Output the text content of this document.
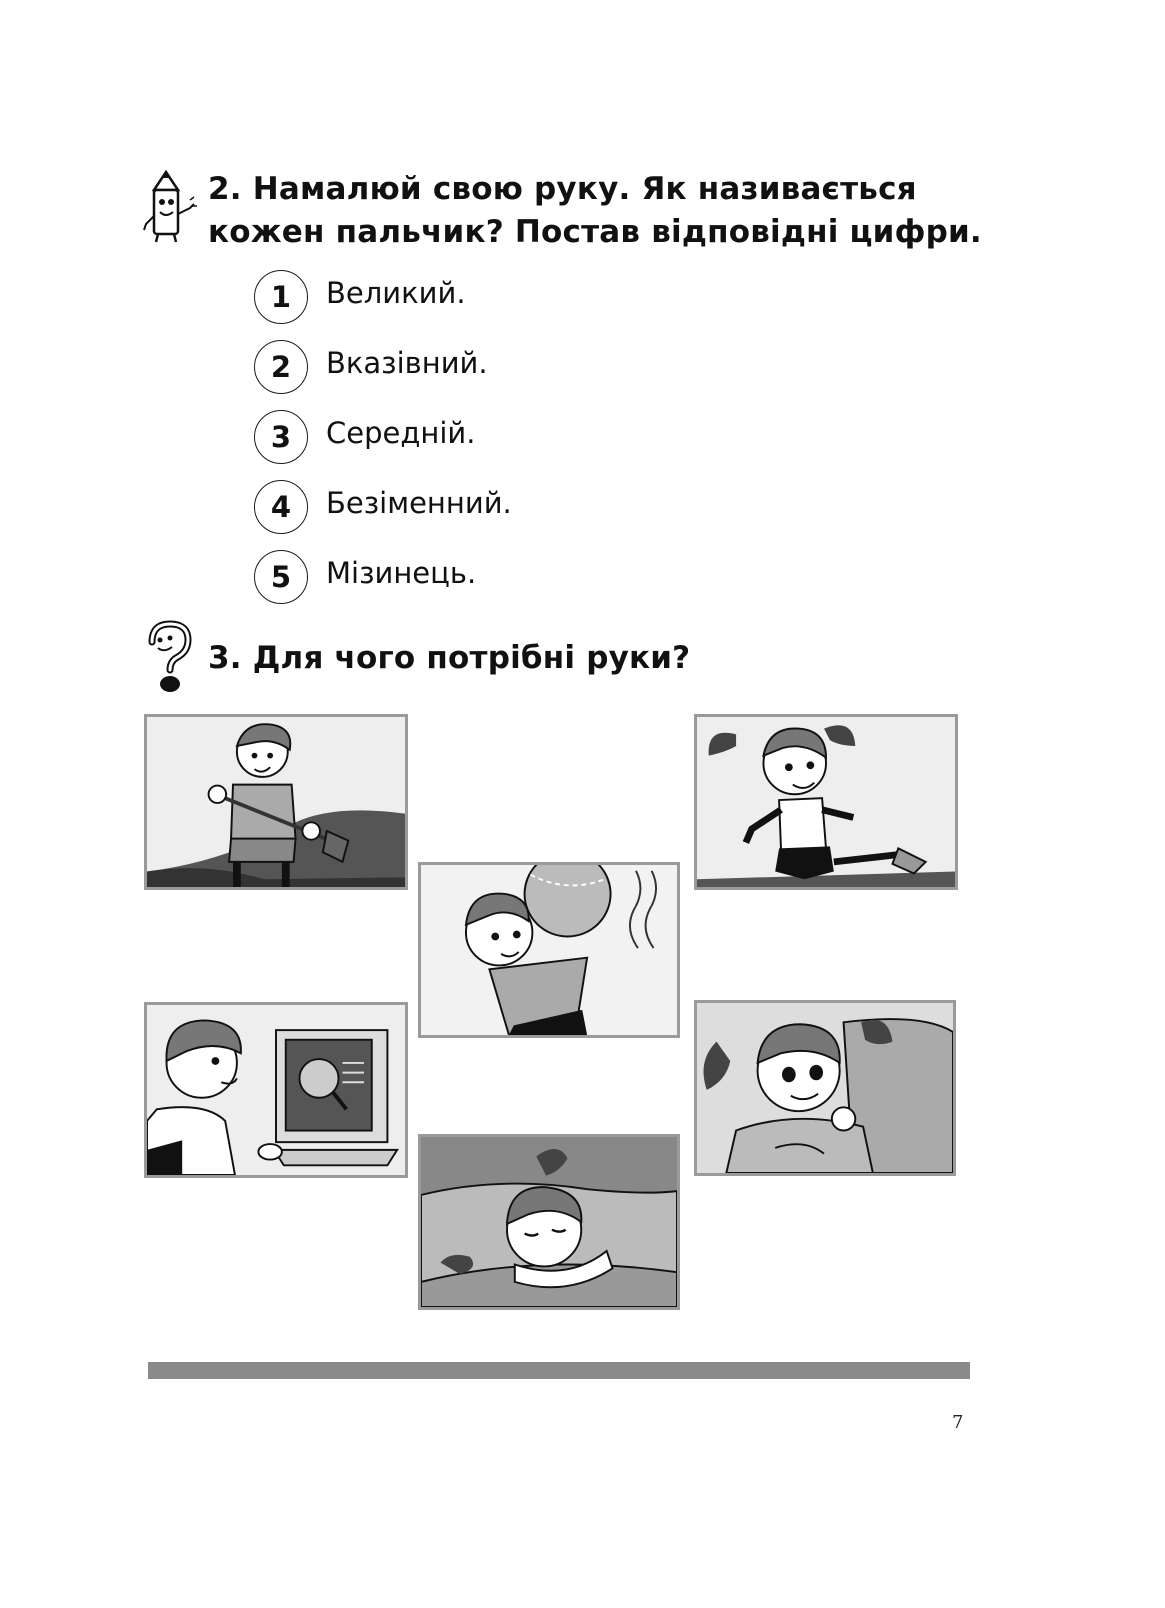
2. Намалюй свою руку. Як називається кожен пальчик? Постав відповідні цифри.
1	Великий.
2	Вказівний.
3	Середній.
4	Безіменний.
5	Мізинець.
3. Для чого потрібні руки?
7
